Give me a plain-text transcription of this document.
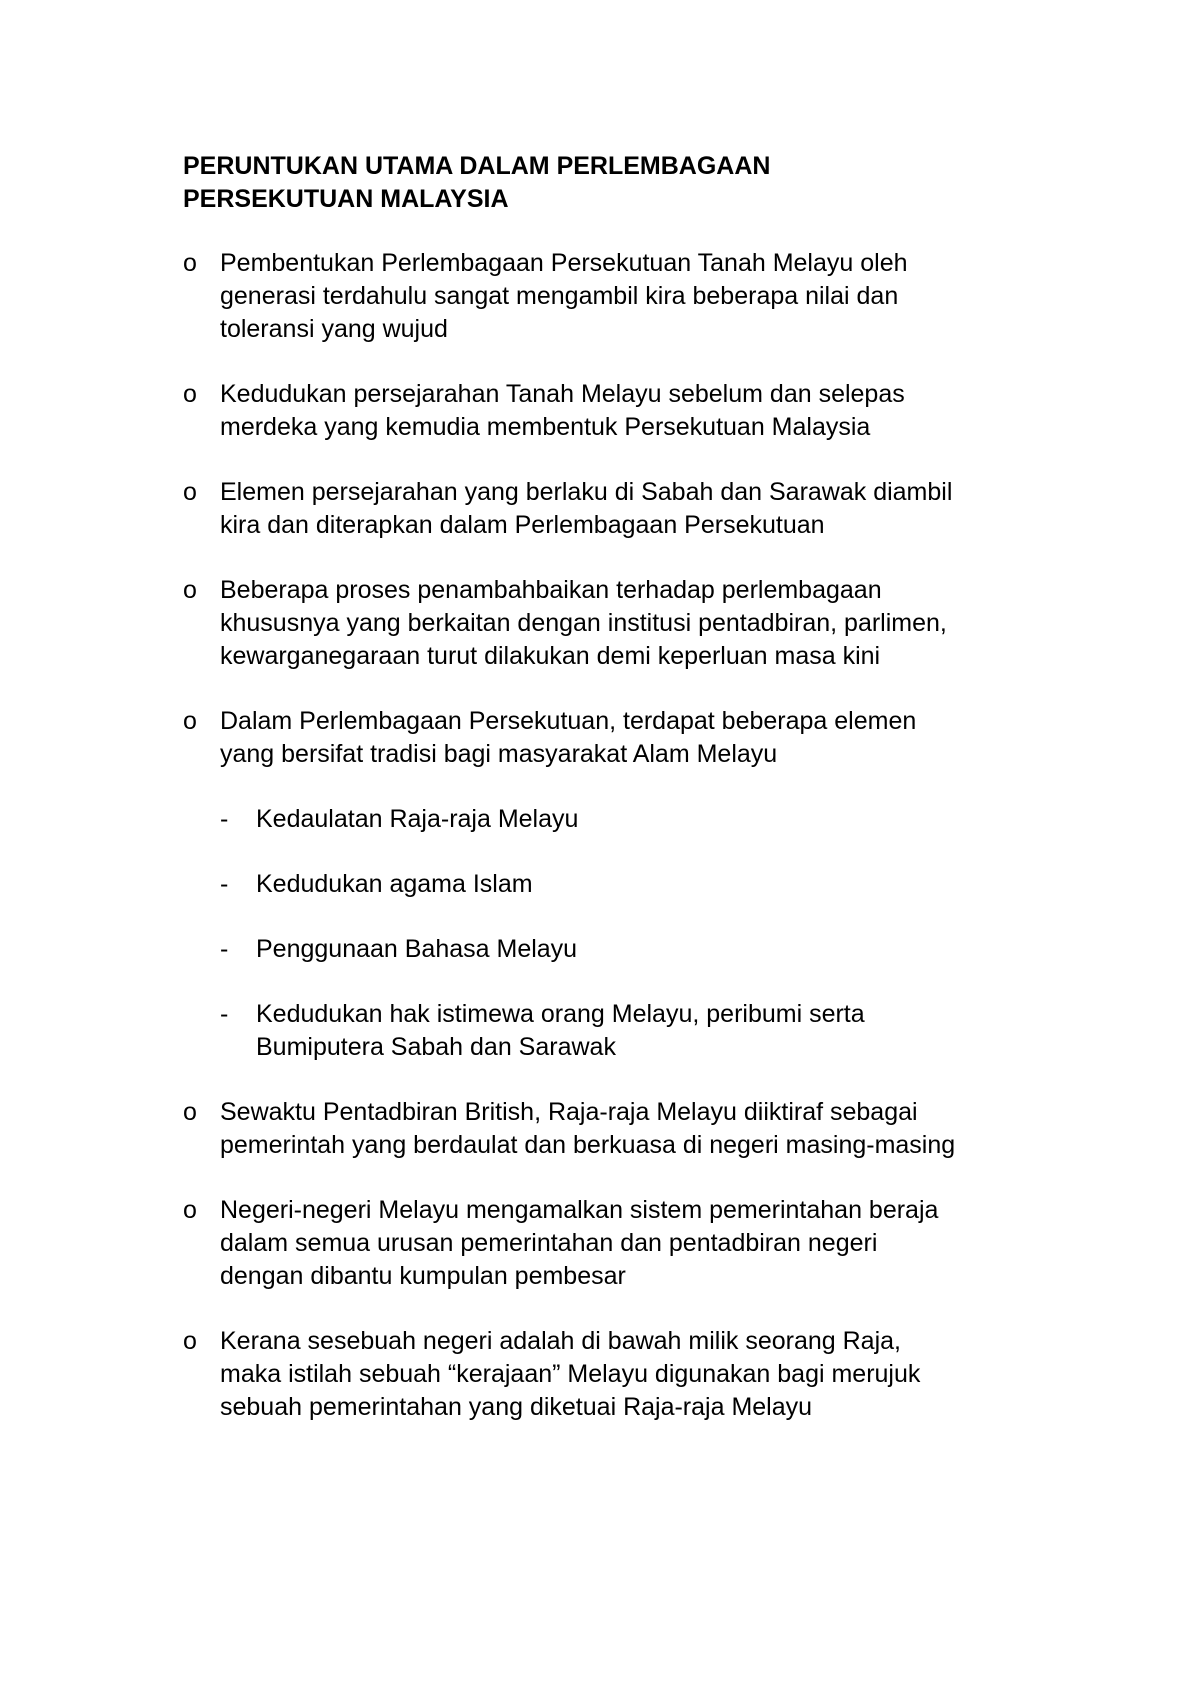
PERUNTUKAN UTAMA DALAM PERLEMBAGAAN
PERSEKUTUAN MALAYSIA
o Pembentukan Perlembagaan Persekutuan Tanah Melayu oleh
generasi terdahulu sangat mengambil kira beberapa nilai dan
toleransi yang wujud
o Kedudukan persejarahan Tanah Melayu sebelum dan selepas
merdeka yang kemudia membentuk Persekutuan Malaysia
o Elemen persejarahan yang berlaku di Sabah dan Sarawak diambil
kira dan diterapkan dalam Perlembagaan Persekutuan
o Beberapa proses penambahbaikan terhadap perlembagaan
khususnya yang berkaitan dengan institusi pentadbiran, parlimen,
kewarganegaraan turut dilakukan demi keperluan masa kini
o Dalam Perlembagaan Persekutuan, terdapat beberapa elemen
yang bersifat tradisi bagi masyarakat Alam Melayu
- Kedaulatan Raja-raja Melayu
- Kedudukan agama Islam
- Penggunaan Bahasa Melayu
- Kedudukan hak istimewa orang Melayu, peribumi serta
Bumiputera Sabah dan Sarawak
o Sewaktu Pentadbiran British, Raja-raja Melayu diiktiraf sebagai
pemerintah yang berdaulat dan berkuasa di negeri masing-masing
o Negeri-negeri Melayu mengamalkan sistem pemerintahan beraja
dalam semua urusan pemerintahan dan pentadbiran negeri
dengan dibantu kumpulan pembesar
o Kerana sesebuah negeri adalah di bawah milik seorang Raja,
maka istilah sebuah “kerajaan” Melayu digunakan bagi merujuk
sebuah pemerintahan yang diketuai Raja-raja Melayu
